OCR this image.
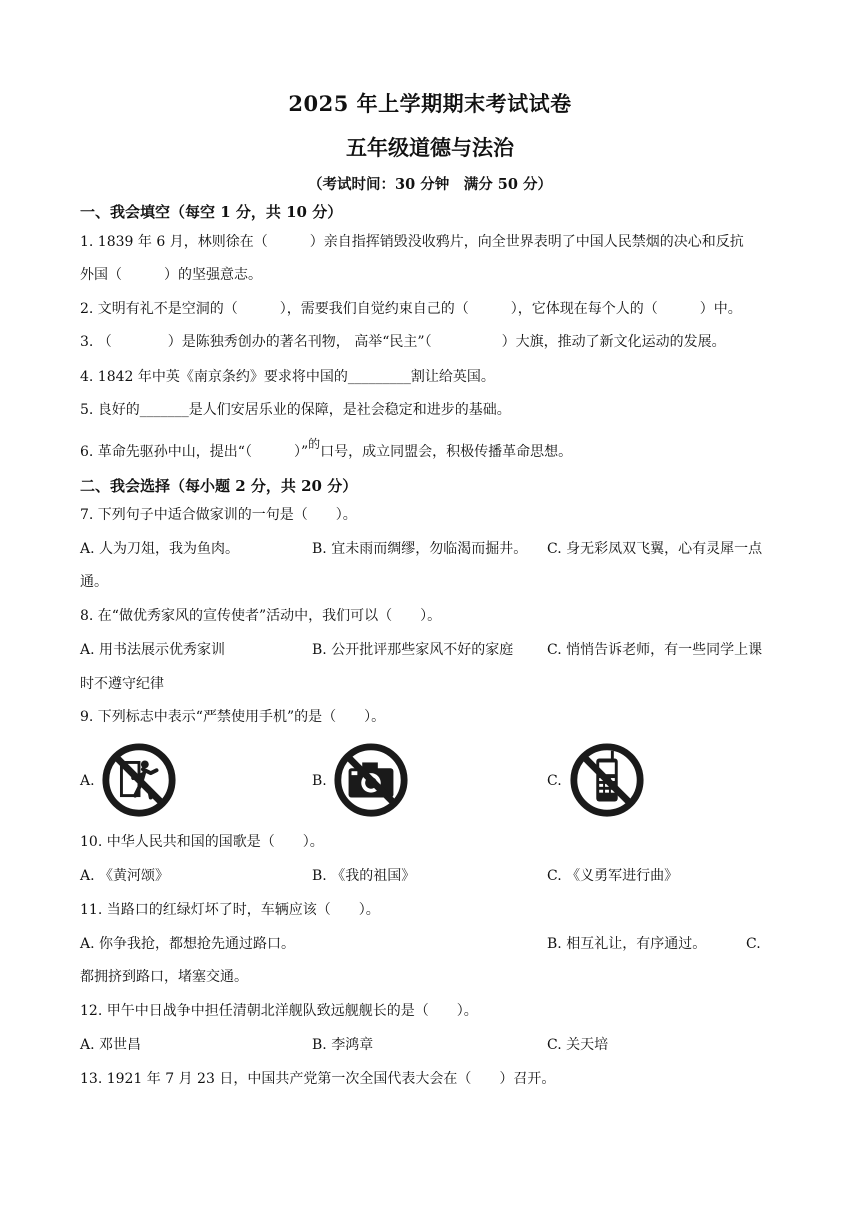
2025 年上学期期末考试试卷
五年级道德与法治
（考试时间：30 分钟　满分 50 分）
一、我会填空（每空 1 分，共 10 分）
1. 1839 年 6 月，林则徐在（　　　）亲自指挥销毁没收鸦片，向全世界表明了中国人民禁烟的决心和反抗
外国（　　　）的坚强意志。
2. 文明有礼不是空洞的（　　　），需要我们自觉约束自己的（　　　），它体现在每个人的（　　　）中。
3. （　　　　）是陈独秀创办的著名刊物， 高举“民主”（　　　　　）大旗，推动了新文化运动的发展。
4. 1842 年中英《南京条约》要求将中国的_________割让给英国。
5. 良好的_______是人们安居乐业的保障，是社会稳定和进步的基础。
6. 革命先驱孙中山，提出“（　　　）”的口号，成立同盟会，积极传播革命思想。
二、我会选择（每小题 2 分，共 20 分）
7. 下列句子中适合做家训的一句是（　　）。
A. 人为刀俎，我为鱼肉。	B. 宜未雨而绸缪，勿临渴而掘井。 C. 身无彩凤双飞翼，心有灵犀一点
通。
8. 在“做优秀家风的宣传使者”活动中，我们可以（　　）。
A. 用书法展示优秀家训	B. 公开批评那些家风不好的家庭 C. 悄悄告诉老师，有一些同学上课
时不遵守纪律
9. 下列标志中表示“严禁使用手机”的是（　　）。
A.	B.	C.
10. 中华人民共和国的国歌是（　　）。
A. 《黄河颂》	B. 《我的祖国》	C. 《义勇军进行曲》
11. 当路口的红绿灯坏了时，车辆应该（　　）。
A. 你争我抢，都想抢先通过路口。	B. 相互礼让，有序通过。	C.
都拥挤到路口，堵塞交通。
12. 甲午中日战争中担任清朝北洋舰队致远舰舰长的是（　　）。
A. 邓世昌	B. 李鸿章	C. 关天培
13. 1921 年 7 月 23 日，中国共产党第一次全国代表大会在（　　）召开。
